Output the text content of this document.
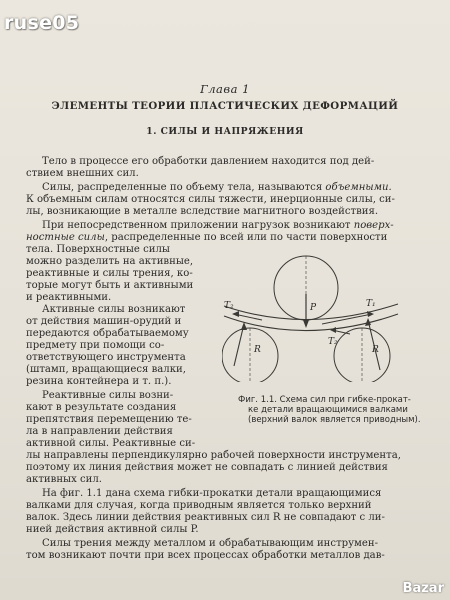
ruse05
Глава 1
ЭЛЕМЕНТЫ ТЕОРИИ ПЛАСТИЧЕСКИХ ДЕФОРМАЦИЙ
1. СИЛЫ И НАПРЯЖЕНИЯ
Тело в процессе его обработки давлением находится под дей-
ствием внешних сил.
Силы, распределенные по объему тела, называются объемными.
К объемным силам относятся силы тяжести, инерционные силы, си-
лы, возникающие в металле вследствие магнитного воздействия.
При непосредственном приложении нагрузок возникают поверх-
ностные силы, распределенные по всей или по части поверхности
тела. Поверхностные силы
можно разделить на активные,
реактивные и силы трения, ко-
торые могут быть и активными
и реактивными.
Активные силы возникают
от действия машин-орудий и
передаются обрабатываемому
предмету при помощи со-
ответствующего инструмента
(штамп, вращающиеся валки,
резина контейнера и т. п.).
Реактивные силы возни-
кают в результате создания
препятствия перемещению те-
ла в направлении действия
активной силы. Реактивные си-
P
R	R
T₁
T₂
T₂
Фиг. 1.1. Схема сил при гибке-прокат-
ке детали вращающимися валками
(верхний валок является приводным).
лы направлены перпендикулярно рабочей поверхности инструмента,
поэтому их линия действия может не совпадать с линией действия
активных сил.
На фиг. 1.1 дана схема гибки-прокатки детали вращающимися
валками для случая, когда приводным является только верхний
валок. Здесь линии действия реактивных сил R не совпадают с ли-
нией действия активной силы P.
Силы трения между металлом и обрабатывающим инструмен-
том возникают почти при всех процессах обработки металлов дав-
Bazar
